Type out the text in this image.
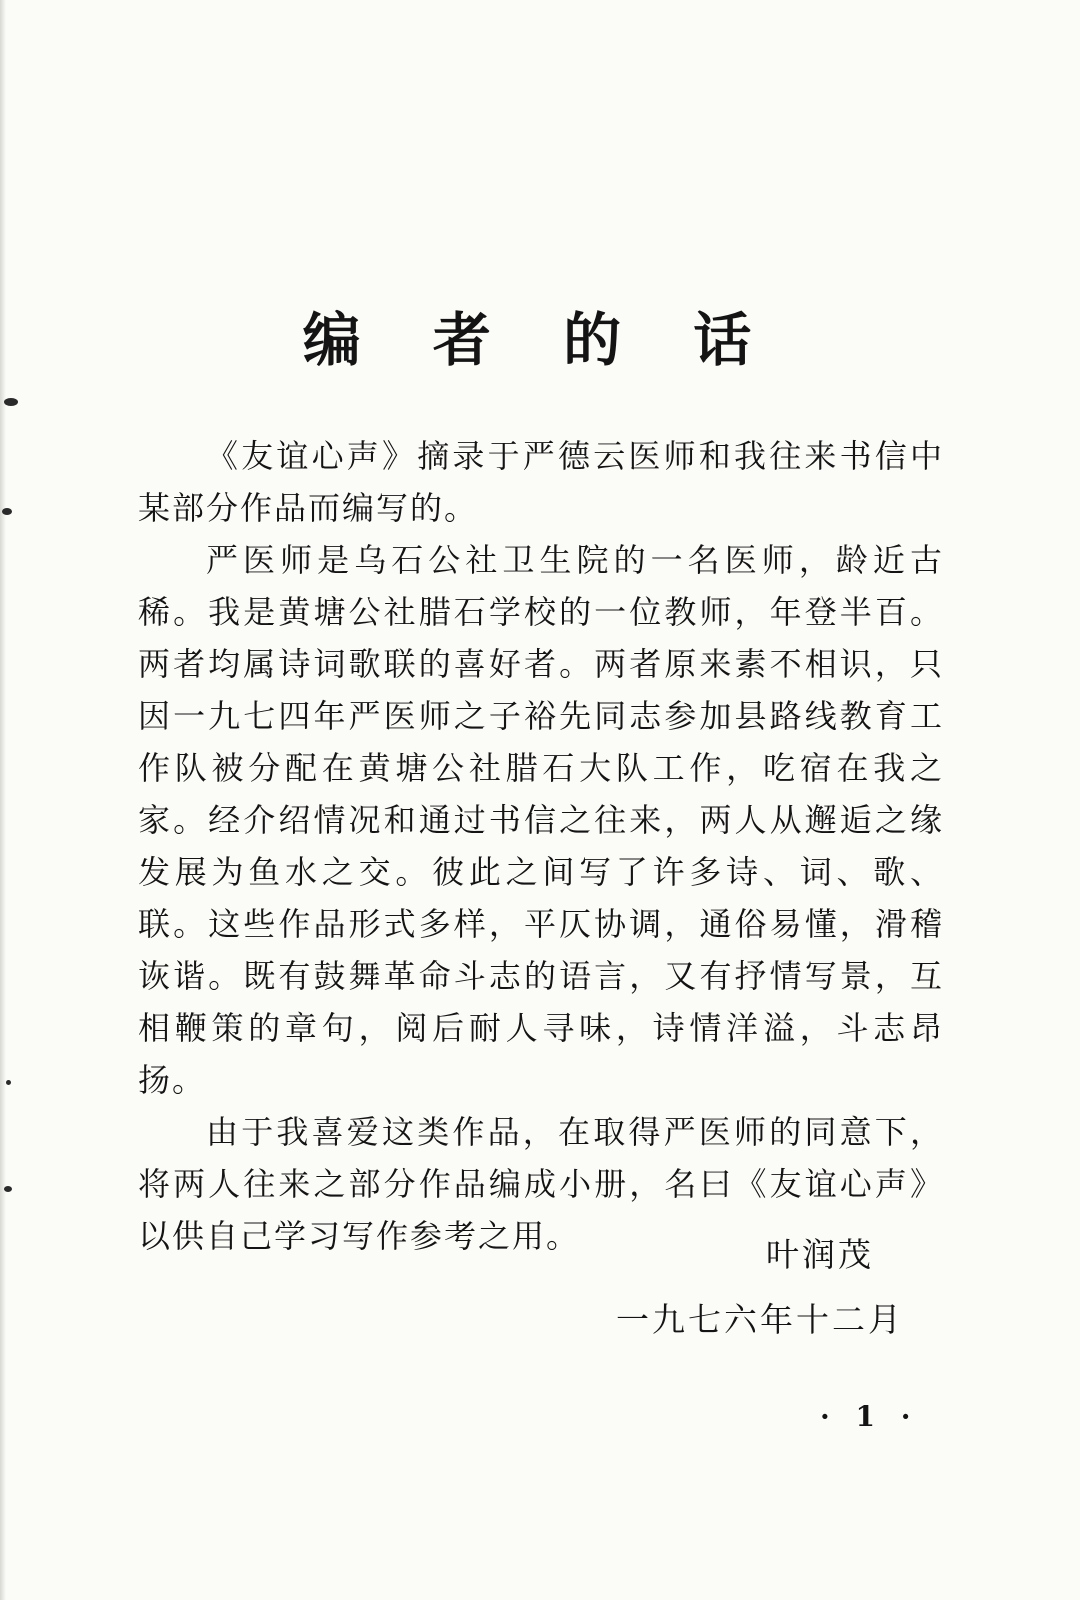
编 者 的 话

《友谊心声》摘录于严德云医师和我往来书信中某部分作品而编写的。

严医师是乌石公社卫生院的一名医师，龄近古稀。我是黄塘公社腊石学校的一位教师，年登半百。两者均属诗词歌联的喜好者。两者原来素不相识，只因一九七四年严医师之子裕先同志参加县路线教育工作队被分配在黄塘公社腊石大队工作，吃宿在我之家。经介绍情况和通过书信之往来，两人从邂逅之缘发展为鱼水之交。彼此之间写了许多诗、词、歌、联。这些作品形式多样，平仄协调，通俗易懂，滑稽诙谐。既有鼓舞革命斗志的语言，又有抒情写景，互相鞭策的章句，阅后耐人寻味，诗情洋溢，斗志昂扬。

由于我喜爱这类作品，在取得严医师的同意下，将两人往来之部分作品编成小册，名曰《友谊心声》以供自己学习写作参考之用。	叶润茂
一九七六年十二月
· 1 ·
